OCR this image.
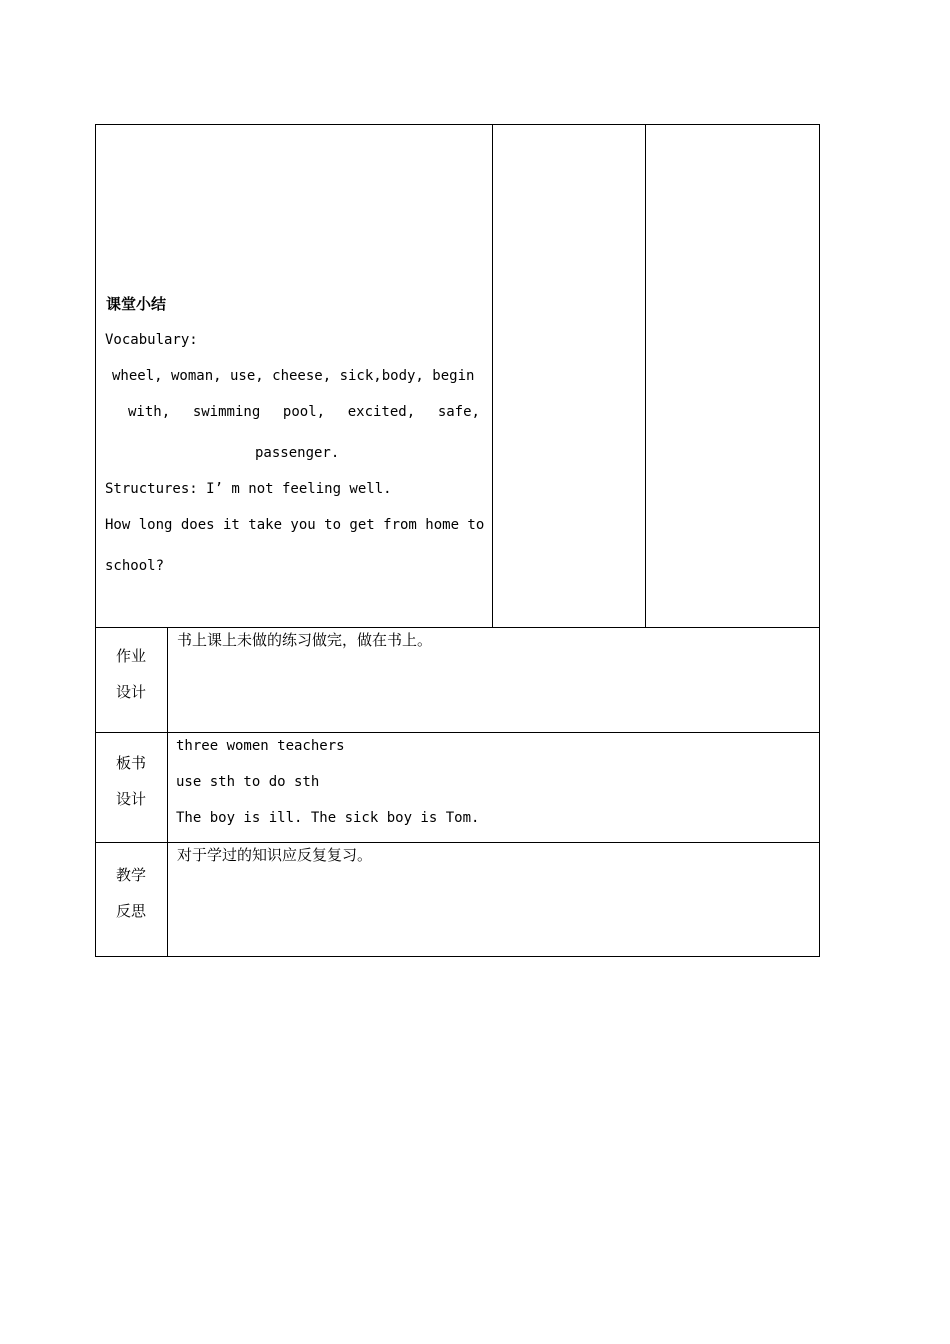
课堂小结
Vocabulary:
wheel, woman, use, cheese, sick,body, begin
with, swimming pool, excited, safe,
passenger.
Structures: I’ m not feeling well.
How long does it take you to get from home to
school?
作业
设计
书上课上未做的练习做完，做在书上。
板书
设计
three women teachers
use sth to do sth
The boy is ill. The sick boy is Tom.
教学
反思
对于学过的知识应反复复习。
